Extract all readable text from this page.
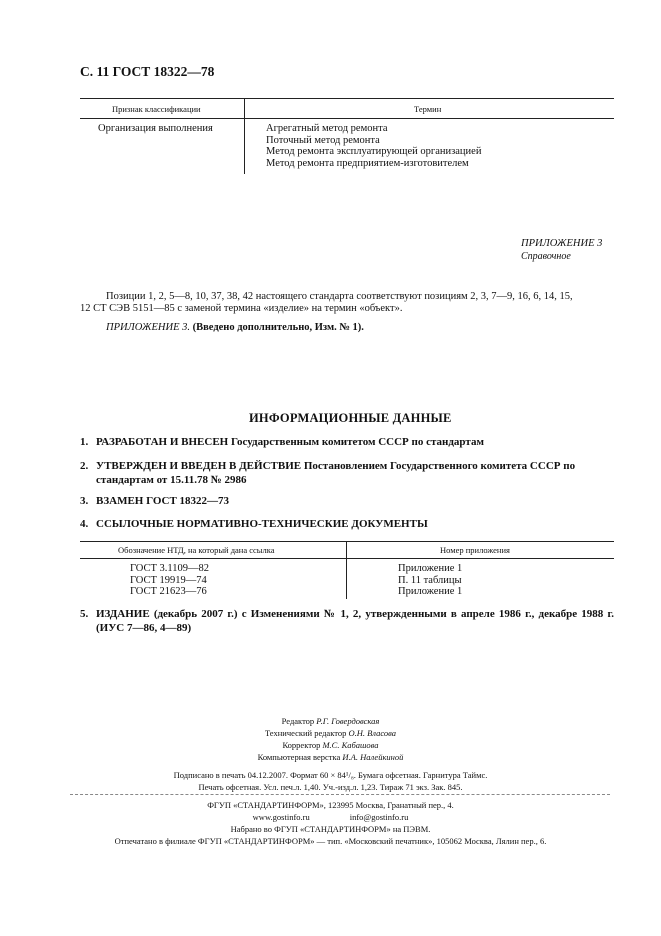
С. 11 ГОСТ 18322—78
Признак классификации	Термин
Организация выполнения	Агрегатный метод ремонта
Поточный метод ремонта
Метод ремонта эксплуатирующей организацией
Метод ремонта предприятием-изготовителем
ПРИЛОЖЕНИЕ 3
Справочное
Позиции 1, 2, 5—8, 10, 37, 38, 42 настоящего стандарта соответствуют позициям 2, 3, 7—9, 16, 6, 14, 15,
12 СТ СЭВ 5151—85 с заменой термина «изделие» на термин «объект».
ПРИЛОЖЕНИЕ 3. (Введено дополнительно, Изм. № 1).
ИНФОРМАЦИОННЫЕ ДАННЫЕ
1. РАЗРАБОТАН И ВНЕСЕН Государственным комитетом СССР по стандартам
2. УТВЕРЖДЕН И ВВЕДЕН В ДЕЙСТВИЕ Постановлением Государственного комитета СССР по стандартам от 15.11.78 № 2986
3. ВЗАМЕН ГОСТ 18322—73
4. ССЫЛОЧНЫЕ НОРМАТИВНО-ТЕХНИЧЕСКИЕ ДОКУМЕНТЫ
Обозначение НТД, на который дана ссылка	Номер приложения
ГОСТ 3.1109—82	Приложение 1
ГОСТ 19919—74	П. 11 таблицы
ГОСТ 21623—76	Приложение 1
5. ИЗДАНИЕ (декабрь 2007 г.) с Изменениями № 1, 2, утвержденными в апреле 1986 г., декабре 1988 г. (ИУС 7—86, 4—89)
Редактор Р.Г. Говердовская
Технический редактор О.Н. Власова
Корректор М.С. Кабашова
Компьютерная верстка И.А. Налейкиной
Подписано в печать 04.12.2007. Формат 60 × 84¹/₈. Бумага офсетная. Гарнитура Таймс.
Печать офсетная. Усл. печ.л. 1,40. Уч.-изд.л. 1,23. Тираж 71 экз. Зак. 845.
ФГУП «СТАНДАРТИНФОРМ», 123995 Москва, Гранатный пер., 4.
www.gostinfo.ru	info@gostinfo.ru
Набрано во ФГУП «СТАНДАРТИНФОРМ» на ПЭВМ.
Отпечатано в филиале ФГУП «СТАНДАРТИНФОРМ» — тип. «Московский печатник», 105062 Москва, Лялин пер., 6.
